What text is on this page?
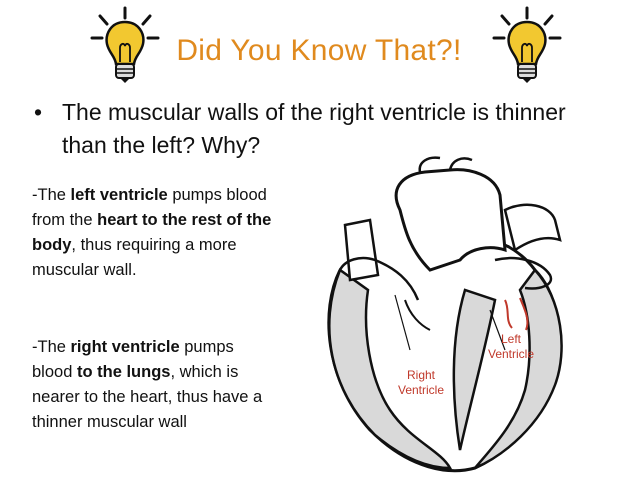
Did You Know That?!
• The muscular walls of the right ventricle is thinner than the left? Why?
-The left ventricle pumps blood from the heart to the rest of the body, thus requiring a more muscular wall.
-The right ventricle pumps blood to the lungs, which is nearer to the heart, thus have a thinner muscular wall
Right
Ventricle
Left
Ventricle
